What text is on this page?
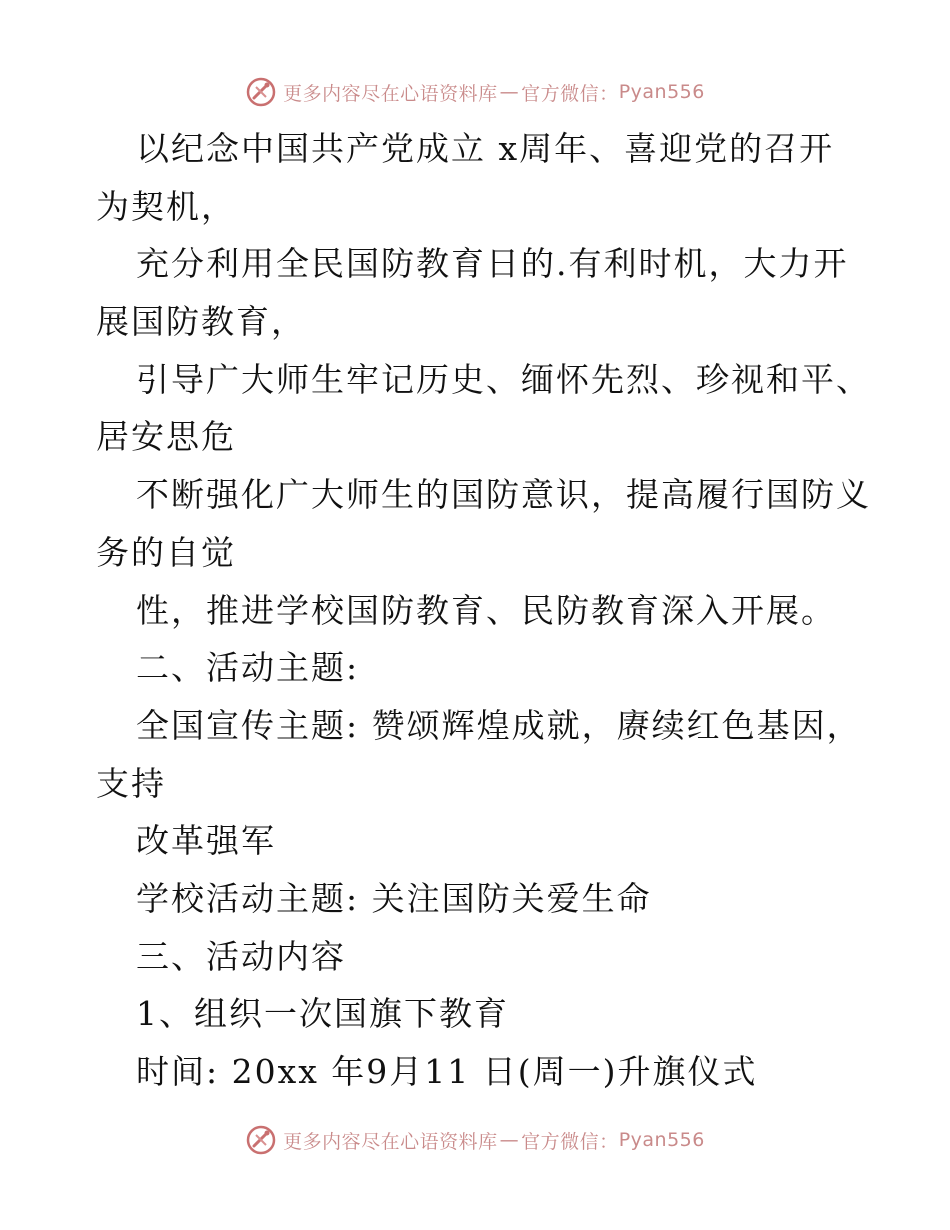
更多内容尽在心语资料库 — 官方微信： Pyan556
以纪念中国共产党成立 x周年、喜迎党的召开
为契机，
充分利用全民国防教育日的.有利时机，大力开
展国防教育，
引导广大师生牢记历史、缅怀先烈、珍视和平、
居安思危
不断强化广大师生的国防意识，提高履行国防义
务的自觉
性，推进学校国防教育、民防教育深入开展。
二、活动主题:
全国宣传主题: 赞颂辉煌成就，赓续红色基因，
支持
改革强军
学校活动主题: 关注国防关爱生命
三、活动内容
1、组织一次国旗下教育
时间: 20xx 年9月11 日(周一)升旗仪式
更多内容尽在心语资料库 — 官方微信： Pyan556
